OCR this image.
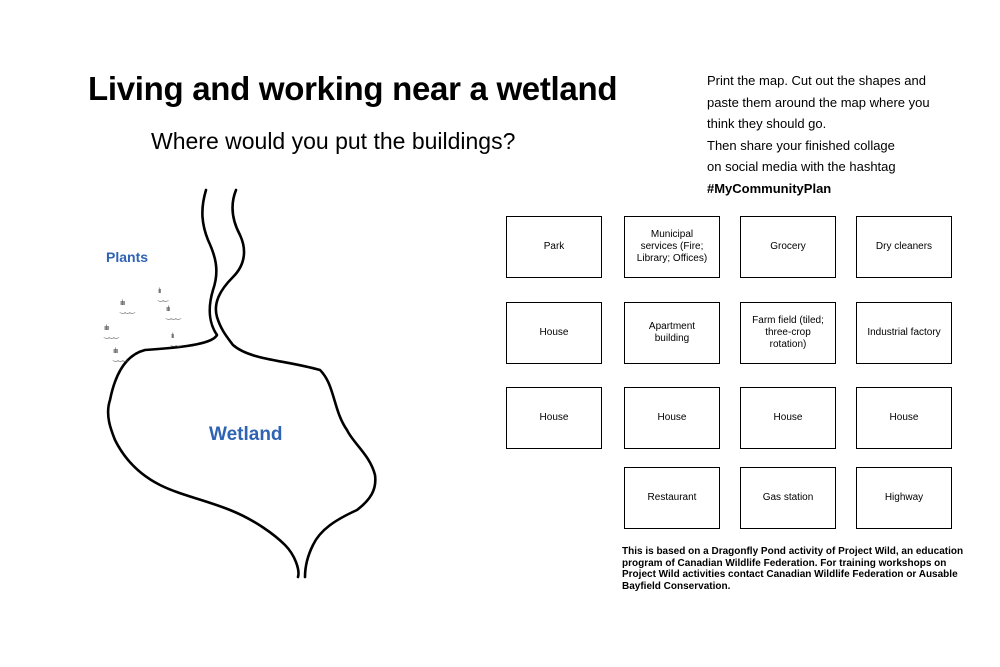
Living and working near a wetland
Where would you put the buildings?
Print the map. Cut out the shapes and
paste them around the map where you
think they should go.
Then share your finished collage
on social media with the hashtag
#MyCommunityPlan
Plants
Wetland
ıılıı
‿‿‿
ılı
‿‿
ıılı
‿‿‿
ıılıı
‿‿‿	ılı
‿‿
ıılıı
‿‿‿
Park
Municipal services (Fire; Library; Offices)
Grocery	Dry cleaners
House
Apartment building
Farm field (tiled; three-crop rotation)
Industrial factory
House	House	House	House
Restaurant	Gas station	Highway
This is based on a Dragonfly Pond activity of Project Wild, an education program of Canadian Wildlife Federation. For training workshops on Project Wild activities contact Canadian Wildlife Federation or Ausable Bayfield Conservation.
